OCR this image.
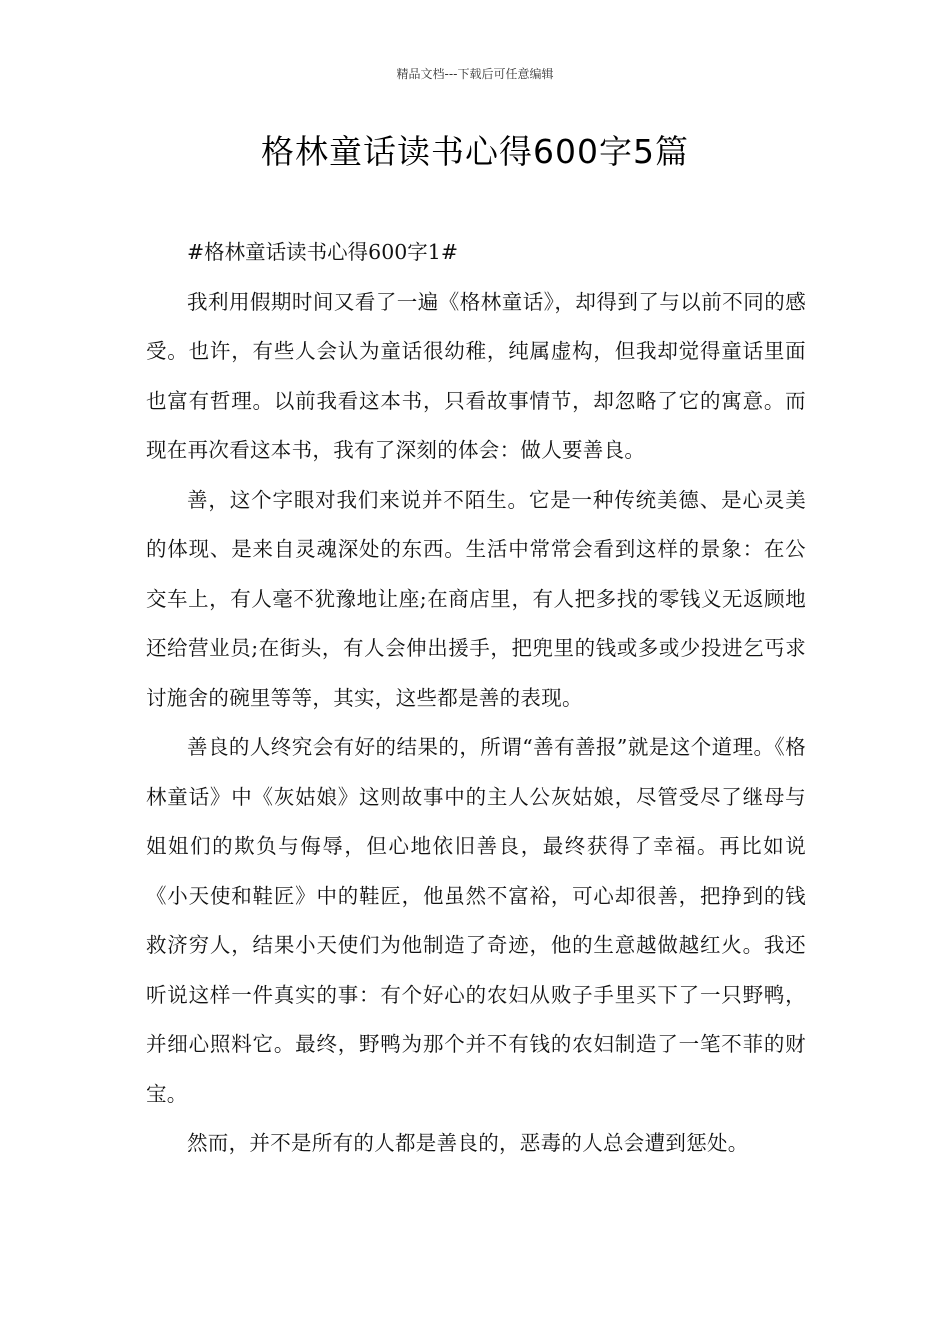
精品文档---下载后可任意编辑
格林童话读书心得600字5篇

#格林童话读书心得600字1#

我利用假期时间又看了一遍《格林童话》，却得到了与以前不同的感受。也许，有些人会认为童话很幼稚，纯属虚构，但我却觉得童话里面也富有哲理。以前我看这本书，只看故事情节，却忽略了它的寓意。而现在再次看这本书，我有了深刻的体会：做人要善良。

善，这个字眼对我们来说并不陌生。它是一种传统美德、是心灵美的体现、是来自灵魂深处的东西。生活中常常会看到这样的景象：在公交车上，有人毫不犹豫地让座;在商店里，有人把多找的零钱义无返顾地还给营业员;在街头，有人会伸出援手，把兜里的钱或多或少投进乞丐求讨施舍的碗里等等，其实，这些都是善的表现。

善良的人终究会有好的结果的，所谓“善有善报”就是这个道理。《格林童话》中《灰姑娘》这则故事中的主人公灰姑娘，尽管受尽了继母与姐姐们的欺负与侮辱，但心地依旧善良，最终获得了幸福。再比如说《小天使和鞋匠》中的鞋匠，他虽然不富裕，可心却很善，把挣到的钱救济穷人，结果小天使们为他制造了奇迹，他的生意越做越红火。我还听说这样一件真实的事：有个好心的农妇从败子手里买下了一只野鸭，并细心照料它。最终，野鸭为那个并不有钱的农妇制造了一笔不菲的财宝。

然而，并不是所有的人都是善良的，恶毒的人总会遭到惩处。
